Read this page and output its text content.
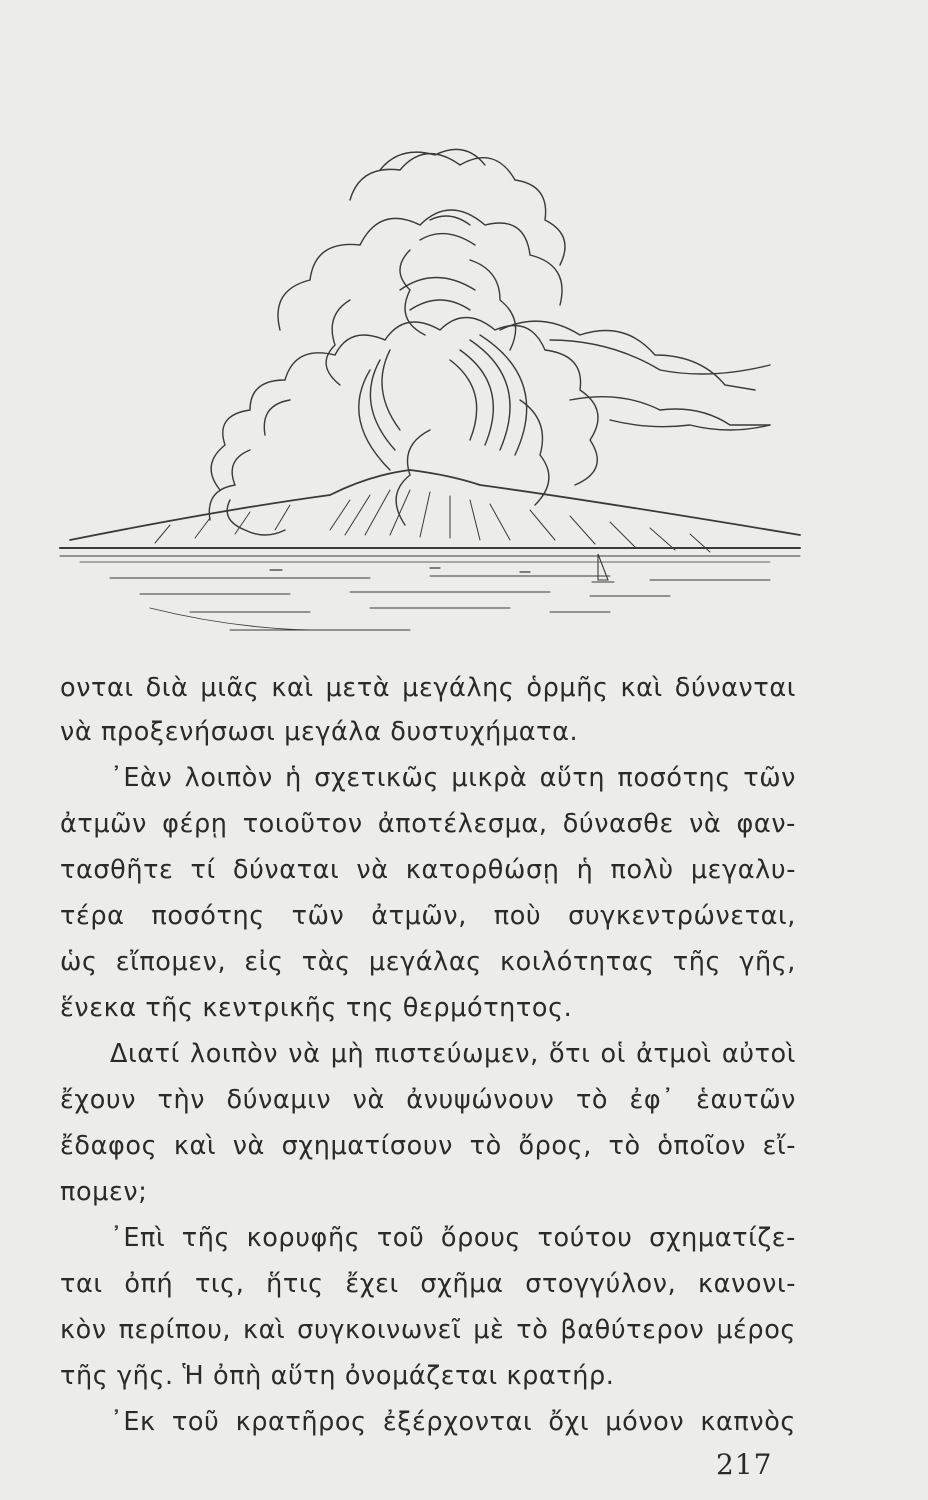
ονται διὰ μιᾶς καὶ μετὰ μεγάλης ὁρμῆς καὶ δύνανται
νὰ προξενήσωσι μεγάλα δυστυχήματα.
᾿Εὰν λοιπὸν ἡ σχετικῶς μικρὰ αὕτη ποσότης τῶν
ἀτμῶν φέρῃ τοιοῦτον ἀποτέλεσμα, δύνασθε νὰ φαν-
τασθῆτε τί δύναται νὰ κατορθώσῃ ἡ πολὺ μεγαλυ-
τέρα ποσότης τῶν ἀτμῶν, ποὺ συγκεντρώνεται,
ὡς εἴπομεν, εἰς τὰς μεγάλας κοιλότητας τῆς γῆς,
ἕνεκα τῆς κεντρικῆς της θερμότητος.
Διατί λοιπὸν νὰ μὴ πιστεύωμεν, ὅτι οἱ ἀτμοὶ αὐτοὶ
ἔχουν τὴν δύναμιν νὰ ἀνυψώνουν τὸ ἐφ᾿ ἑαυτῶν
ἔδαφος καὶ νὰ σχηματίσουν τὸ ὄρος, τὸ ὁποῖον εἴ-
πομεν;
᾿Επὶ τῆς κορυφῆς τοῦ ὄρους τούτου σχηματίζε-
ται ὀπή τις, ἥτις ἔχει σχῆμα στογγύλον, κανονι-
κὸν περίπου, καὶ συγκοινωνεῖ μὲ τὸ βαθύτερον μέρος
τῆς γῆς. Ἡ ὀπὴ αὕτη ὀνομάζεται κρατήρ.
᾿Εκ τοῦ κρατῆρος ἐξέρχονται ὄχι μόνον καπνὸς
217
